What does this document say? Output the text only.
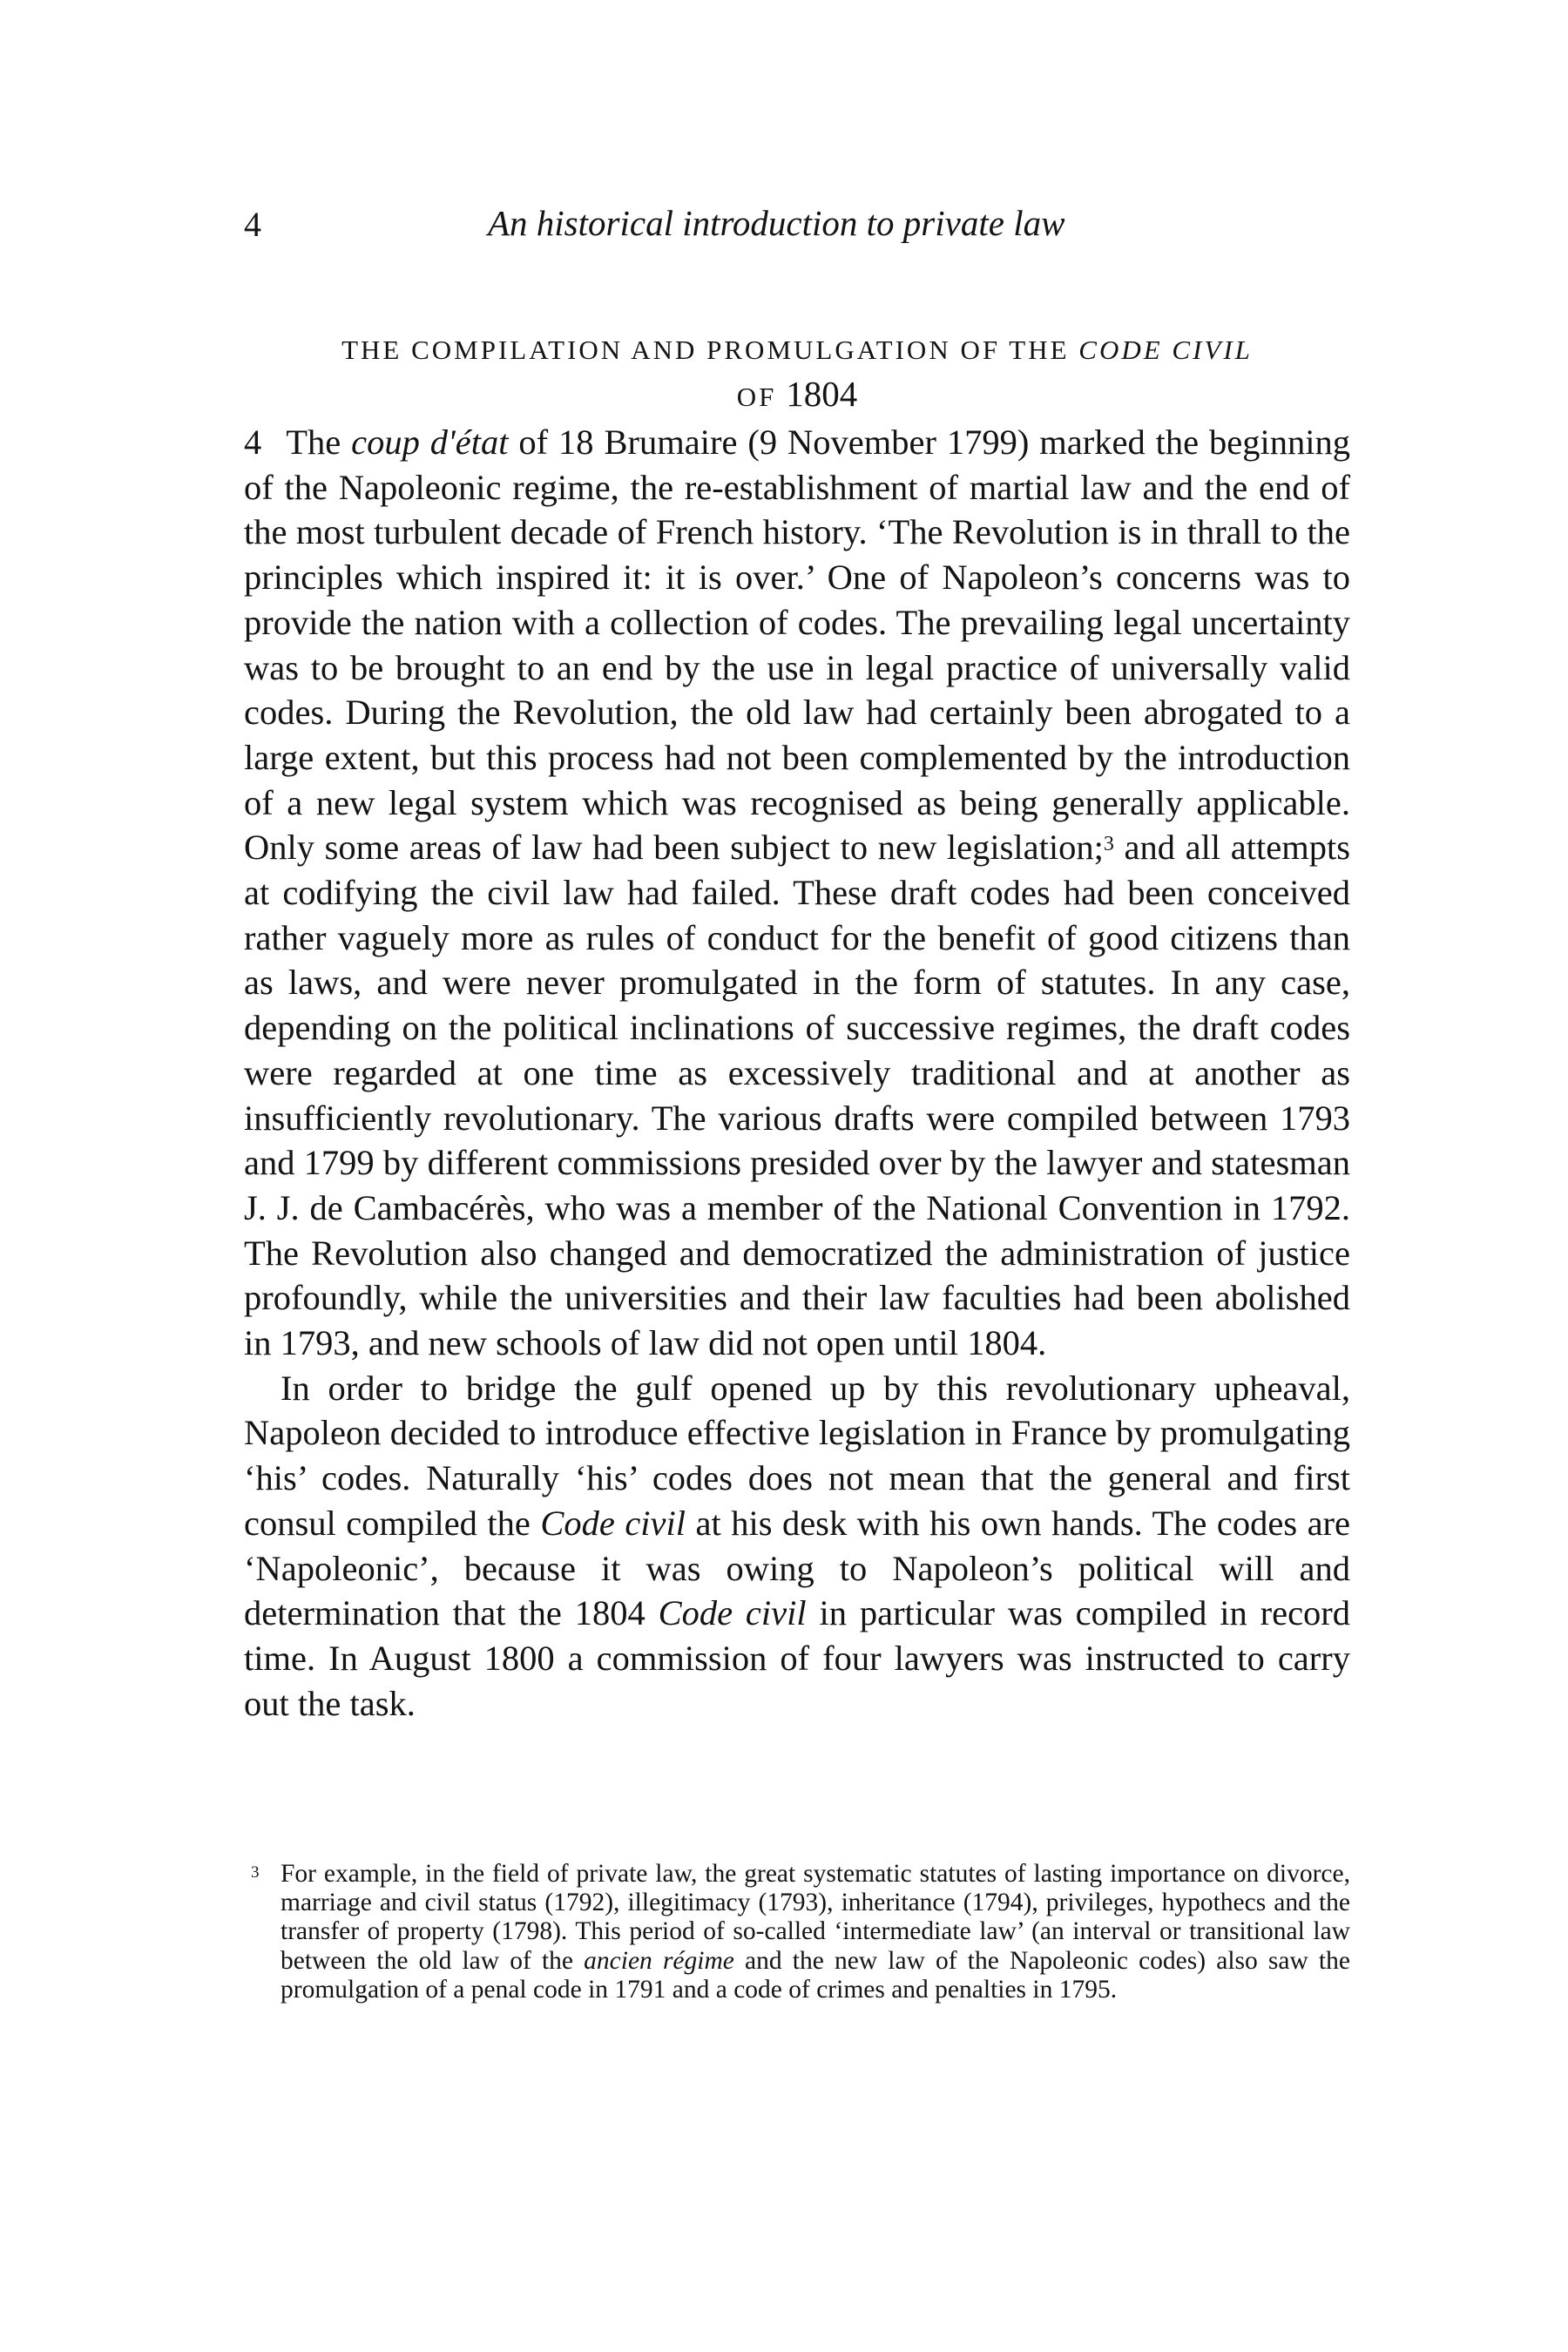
4	An historical introduction to private law
THE COMPILATION AND PROMULGATION OF THE CODE CIVIL
OF 1804

4 The coup d'état of 18 Brumaire (9 November 1799) marked the beginning of the Napoleonic regime, the re-establishment of martial law and the end of the most turbulent decade of French history. ‘The Revolution is in thrall to the principles which inspired it: it is over.’ One of Napoleon’s concerns was to provide the nation with a collection of codes. The prevailing legal uncertainty was to be brought to an end by the use in legal practice of universally valid codes. During the Revolution, the old law had certainly been abrogated to a large extent, but this process had not been complemented by the introduction of a new legal system which was recognised as being generally applicable. Only some areas of law had been subject to new legislation;$^3$ and all attempts at codifying the civil law had failed. These draft codes had been conceived rather vaguely more as rules of conduct for the benefit of good citizens than as laws, and were never promulgated in the form of statutes. In any case, depending on the political inclinations of successive regimes, the draft codes were regarded at one time as excessively traditional and at another as insufficiently revolutionary. The various drafts were compiled between 1793 and 1799 by different commissions presided over by the lawyer and statesman J. J. de Cambacérès, who was a member of the National Convention in 1792. The Revolution also changed and democratized the administration of justice profoundly, while the universities and their law faculties had been abolished in 1793, and new schools of law did not open until 1804.

In order to bridge the gulf opened up by this revolutionary upheaval, Napoleon decided to introduce effective legislation in France by promulgating ‘his’ codes. Naturally ‘his’ codes does not mean that the general and first consul compiled the Code civil at his desk with his own hands. The codes are ‘Napoleonic’, because it was owing to Napoleon’s political will and determination that the 1804 Code civil in particular was compiled in record time. In August 1800 a commission of four lawyers was instructed to carry out the task.

3 For example, in the field of private law, the great systematic statutes of lasting importance on divorce, marriage and civil status (1792), illegitimacy (1793), inheritance (1794), privileges, hypothecs and the transfer of property (1798). This period of so-called ‘intermediate law’ (an interval or transitional law between the old law of the ancien régime and the new law of the Napoleonic codes) also saw the promulgation of a penal code in 1791 and a code of crimes and penalties in 1795.
